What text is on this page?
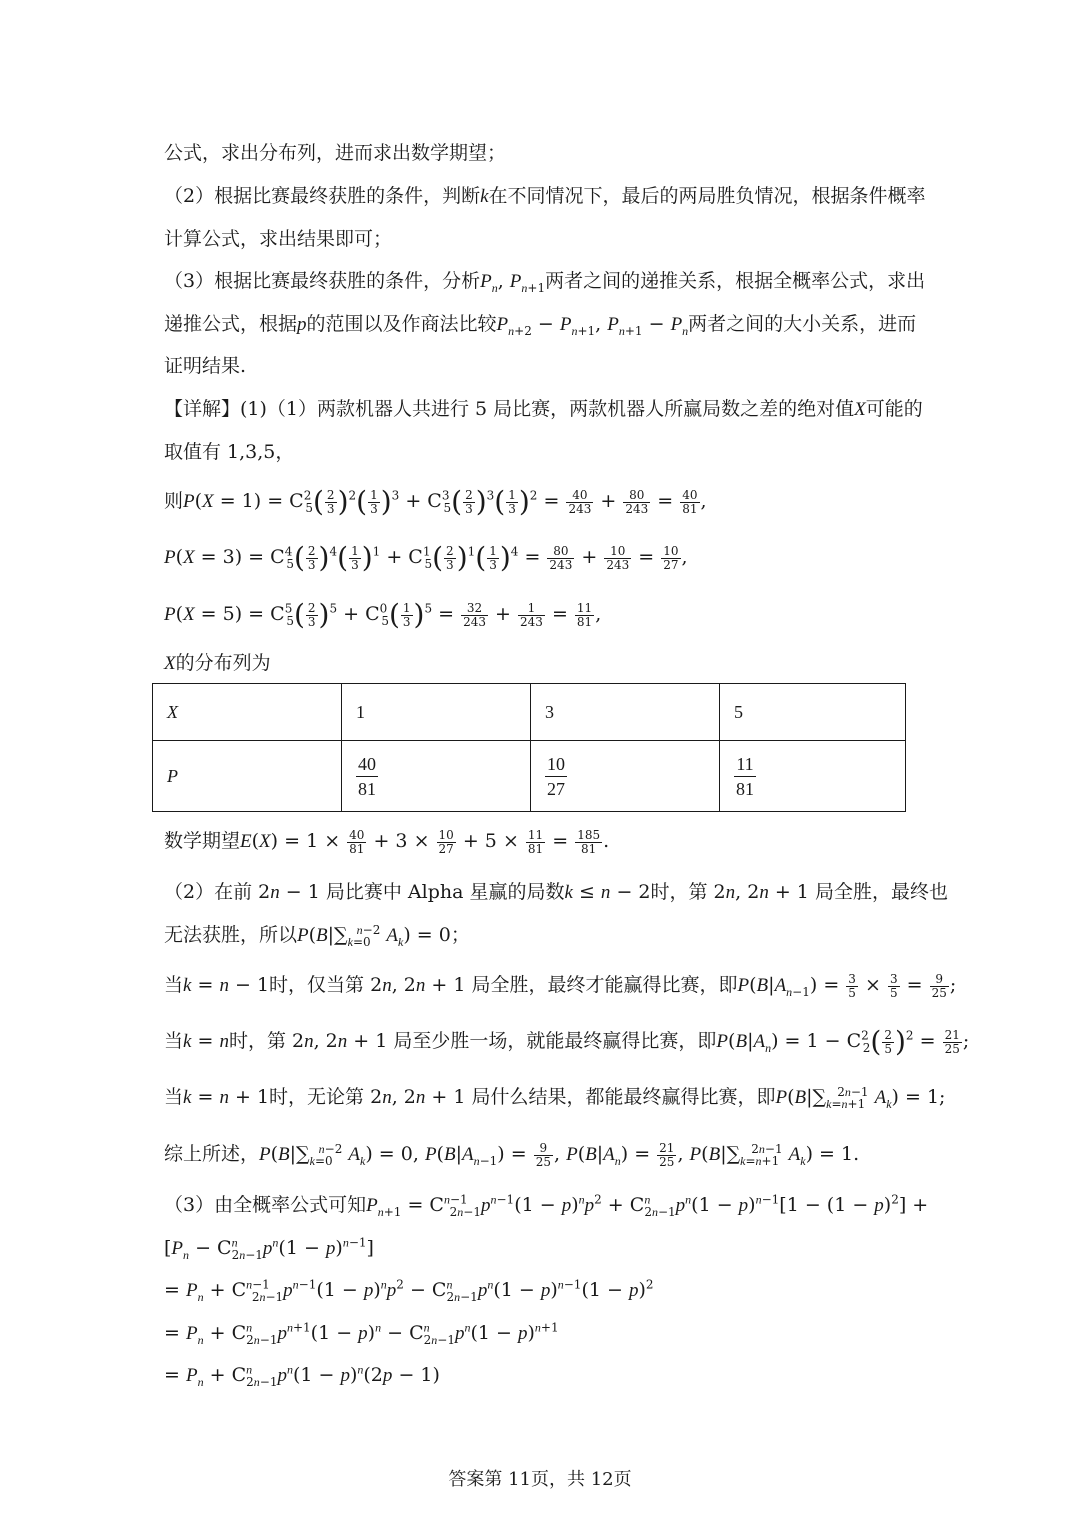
公式，求出分布列，进而求出数学期望；
（2）根据比赛最终获胜的条件，判断k在不同情况下，最后的两局胜负情况，根据条件概率
计算公式，求出结果即可；
（3）根据比赛最终获胜的条件，分析$P_n$, $P_{n+1}$两者之间的递推关系，根据全概率公式，求出
递推公式，根据p的范围以及作商法比较$P_{n+2} - P_{n+1}$, $P_{n+1} - P_n$两者之间的大小关系，进而
证明结果.
【详解】(1)（1）两款机器人共进行 5 局比赛，两款机器人所赢局数之差的绝对值X可能的
取值有 1,3,5，
则$P(X = 1) = C^2_5( \frac{2}{3} )^2( \frac{1}{3} )^3 + C^3_5( \frac{2}{3} )^3( \frac{1}{3} )^2 = \frac{40}{243} + \frac{80}{243} = \frac{40}{81}$ ,
$P(X = 3) = C^4_5( \frac{2}{3} )^4( \frac{1}{3} )^1 + C^1_5( \frac{2}{3} )^1( \frac{1}{3} )^4 = \frac{80}{243} + \frac{10}{243} = \frac{10}{27}$ ,
$P(X = 5) = C^5_5( \frac{2}{3} )^5 + C^0_5( \frac{1}{3} )^5 = \frac{32}{243} + \frac{1}{243} = \frac{11}{81}$ ,
X的分布列为
X	1	3	5
P	$\frac{40}{81}$	$\frac{10}{27}$	$\frac{11}{81}$
数学期望$E(X) = 1 \times \frac{40}{81} + 3 \times \frac{10}{27} + 5 \times \frac{11}{81} = \frac{185}{81}$ .
（2）在前 2n − 1 局比赛中 Alpha 星赢的局数k ≤ n − 2时，第 2n, 2n + 1 局全胜，最终也
无法获胜，所以$P(B|\sum_{k=0}^{n-2}$ $A_k) = 0$；
当k = n − 1时，仅当第 2n, 2n + 1 局全胜，最终才能赢得比赛，即$P(B|A_{n-1}) = \frac{3}{5} \times \frac{3}{5} = \frac{9}{25}$ ;
当k = n时，第 2n, 2n + 1 局至少胜一场，就能最终赢得比赛，即$P(B|A_n) = 1 - C^2_2( \frac{2}{5} )^2 = \frac{21}{25}$ ;
当k = n + 1时，无论第 2n, 2n + 1 局什么结果，都能最终赢得比赛，即$P(B|\sum_{k=n+1}^{2n-1}$ $A_k) = 1$;
综上所述，$P(B|\sum_{k=0}^{n-2}$ $A_k) = 0$, $P(B|A_{n-1}) = \frac{9}{25}$ , $P(B|A_n) = \frac{21}{25}$ , $P(B|\sum_{k=n+1}^{2n-1}$ $A_k) = 1$.
（3）由全概率公式可知$P_{n+1} = C^{n-1}_{2n-1}p^{n-1}(1 - p)^np^2 + C^n_{2n-1}p^n(1 - p)^{n-1}[1 - (1 - p)^2]$ +
$[P_n - C^n_{2n-1}p^n(1 - p)^{n-1}]$
= $P_n + C^{n-1}_{2n-1}p^{n-1}(1 - p)^np^2 - C^n_{2n-1}p^n(1 - p)^{n-1}(1 - p)^2$
= $P_n + C^n_{2n-1}p^{n+1}(1 - p)^n - C^n_{2n-1}p^n(1 - p)^{n+1}$
= $P_n + C^n_{2n-1}p^n(1 - p)^n(2p - 1)$
答案第 11页，共 12页
